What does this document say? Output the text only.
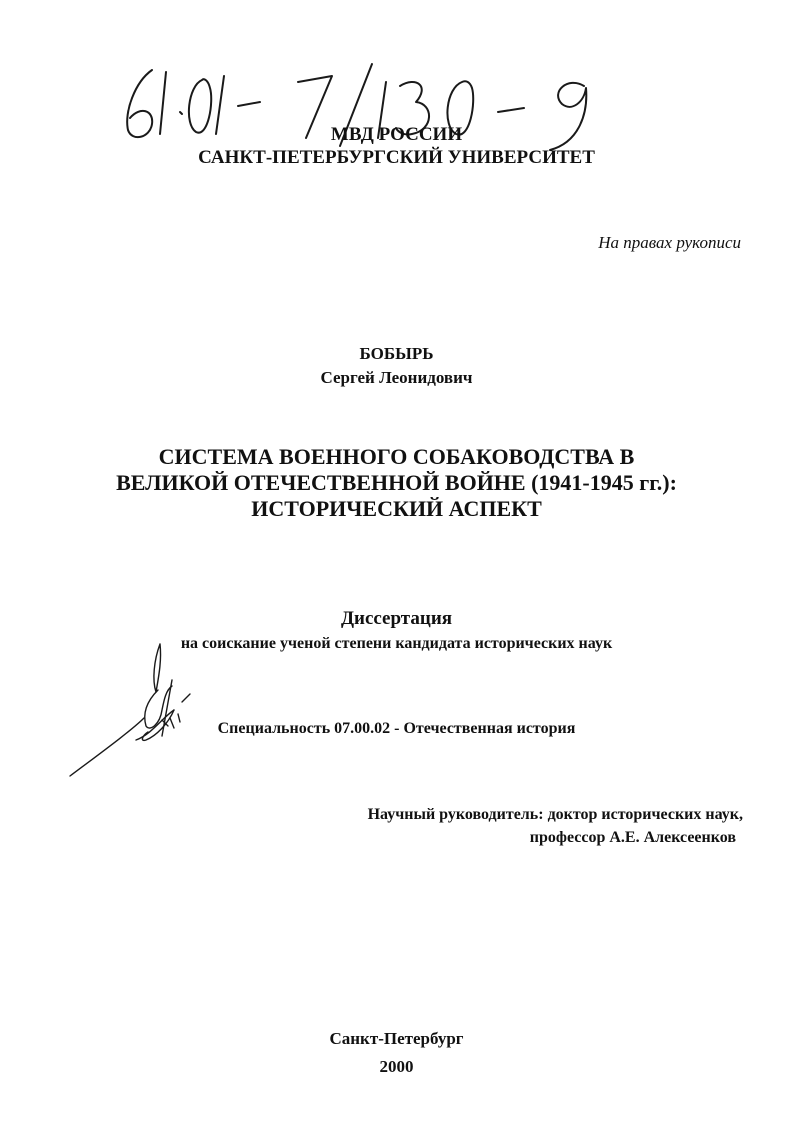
МВД РОССИИ
САНКТ-ПЕТЕРБУРГСКИЙ УНИВЕРСИТЕТ
На правах рукописи
БОБЫРЬ
Сергей Леонидович
СИСТЕМА ВОЕННОГО СОБАКОВОДСТВА В
ВЕЛИКОЙ ОТЕЧЕСТВЕННОЙ ВОЙНЕ (1941-1945 гг.):
ИСТОРИЧЕСКИЙ АСПЕКТ
Диссертация
на соискание ученой степени кандидата исторических наук
Специальность 07.00.02 - Отечественная история
Научный руководитель: доктор исторических наук,
профессор А.Е. Алексеенков
Санкт-Петербург
2000
